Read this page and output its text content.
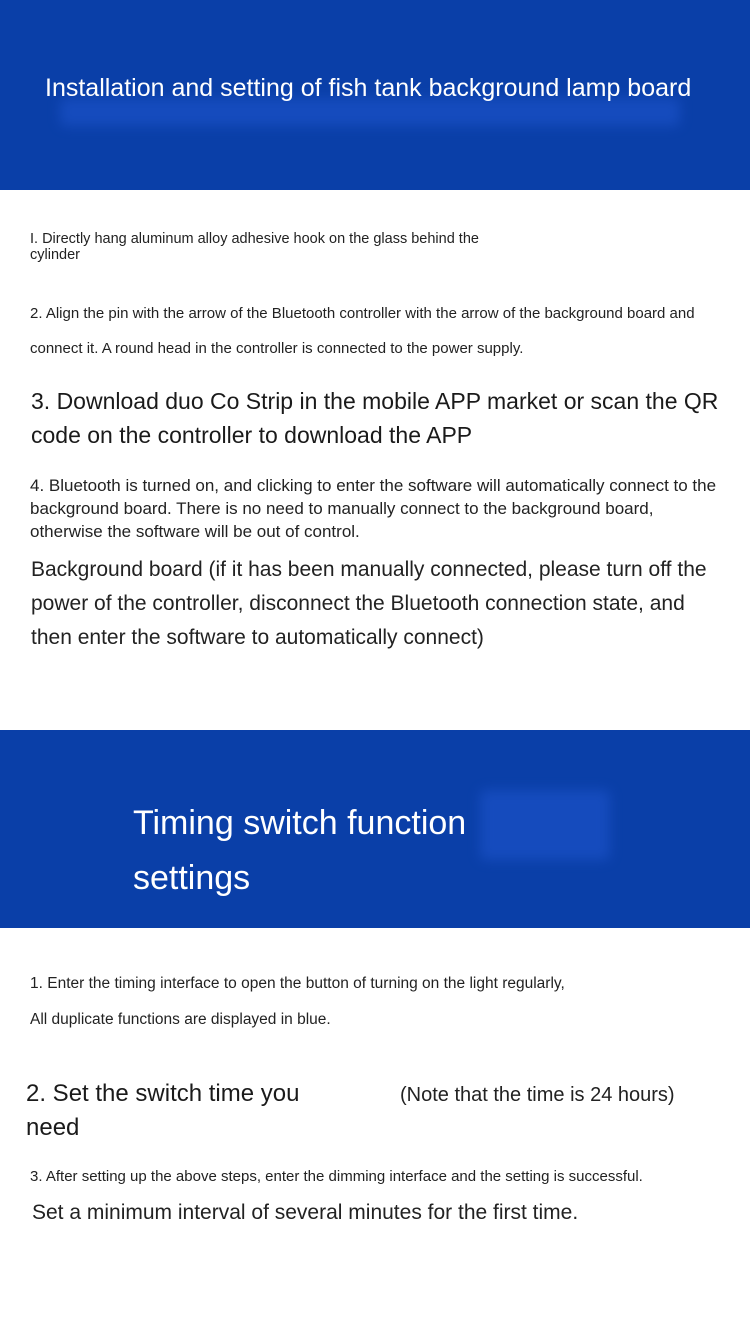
Installation and setting of fish tank background lamp board

I. Directly hang aluminum alloy adhesive hook on the glass behind the
cylinder

2. Align the pin with the arrow of the Bluetooth controller with the arrow of the background board and connect it. A round head in the controller is connected to the power supply.

3. Download duo Co Strip in the mobile APP market or scan the QR code on the controller to download the APP

4. Bluetooth is turned on, and clicking to enter the software will automatically connect to the background board. There is no need to manually connect to the background board, otherwise the software will be out of control.

Background board (if it has been manually connected, please turn off the power of the controller, disconnect the Bluetooth connection state, and then enter the software to automatically connect)

Timing switch function settings

1. Enter the timing interface to open the button of turning on the light regularly,
All duplicate functions are displayed in blue.

2. Set the switch time you need

(Note that the time is 24 hours)

3. After setting up the above steps, enter the dimming interface and the setting is successful.

Set a minimum interval of several minutes for the first time.
